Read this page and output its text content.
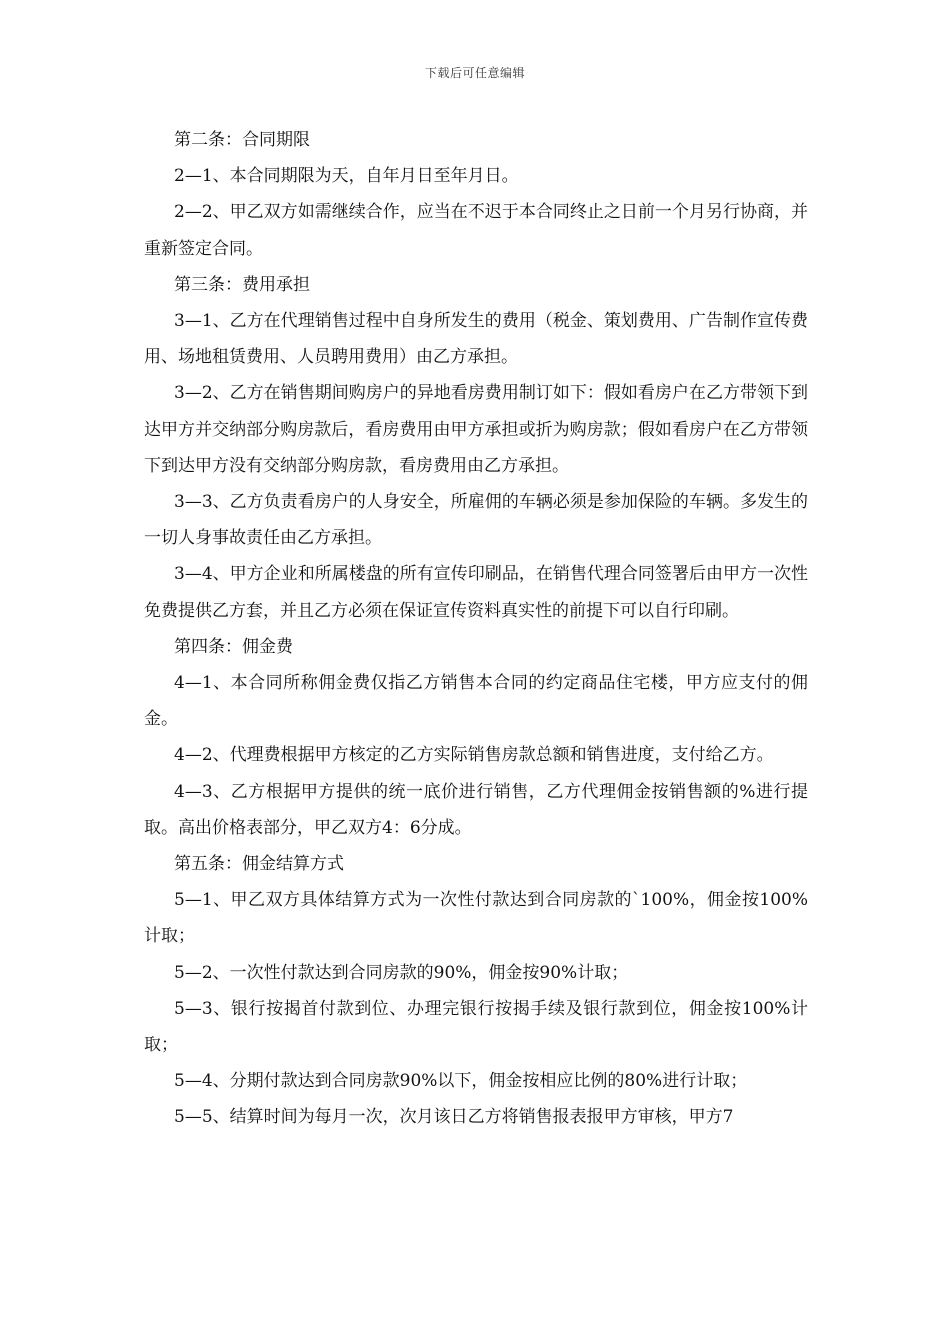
下载后可任意编辑

第二条：合同期限

2—1、本合同期限为天，自年月日至年月日。

2—2、甲乙双方如需继续合作，应当在不迟于本合同终止之日前一个月另行协商，并重新签定合同。

第三条：费用承担

3—1、乙方在代理销售过程中自身所发生的费用（税金、策划费用、广告制作宣传费用、场地租赁费用、人员聘用费用）由乙方承担。

3—2、乙方在销售期间购房户的异地看房费用制订如下：假如看房户在乙方带领下到达甲方并交纳部分购房款后，看房费用由甲方承担或折为购房款；假如看房户在乙方带领下到达甲方没有交纳部分购房款，看房费用由乙方承担。

3—3、乙方负责看房户的人身安全，所雇佣的车辆必须是参加保险的车辆。多发生的一切人身事故责任由乙方承担。

3—4、甲方企业和所属楼盘的所有宣传印刷品，在销售代理合同签署后由甲方一次性免费提供乙方套，并且乙方必须在保证宣传资料真实性的前提下可以自行印刷。

第四条：佣金费

4—1、本合同所称佣金费仅指乙方销售本合同的约定商品住宅楼，甲方应支付的佣金。

4—2、代理费根据甲方核定的乙方实际销售房款总额和销售进度，支付给乙方。

4—3、乙方根据甲方提供的统一底价进行销售，乙方代理佣金按销售额的%进行提取。高出价格表部分，甲乙双方4：6分成。

第五条：佣金结算方式

5—1、甲乙双方具体结算方式为一次性付款达到合同房款的`100%，佣金按100%计取；

5—2、一次性付款达到合同房款的90%，佣金按90%计取；

5—3、银行按揭首付款到位、办理完银行按揭手续及银行款到位，佣金按100%计取；

5—4、分期付款达到合同房款90%以下，佣金按相应比例的80%进行计取；

5—5、结算时间为每月一次，次月该日乙方将销售报表报甲方审核，甲方7
